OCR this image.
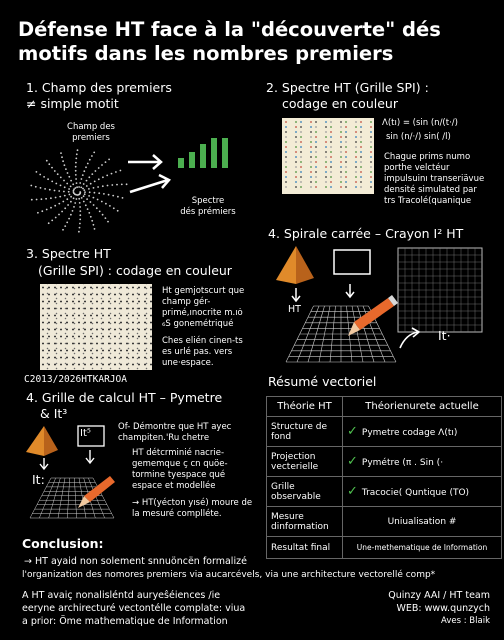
Défense HT face à la "découverte" dés motifs dans les nombres premiers
1. Champ des premiers
≠ simple motit
Champ des
premiers
Spectre
dés prémiers
2. Spectre HT (Grille SPI) :
codage en couleur
Λ(tı) = (sin (n/(t·/)
sin (n/·/) sin( /l)
Chague prims numo porthe velctéur impulsuinı transeriävue densité simulated par trs Tracolé(quanique
3. Spectre HT
(Grille SPI) : codage en couleur
Ht gemjotscurt que champ gér-primé,ınocrite m.ıȯ ₆S gonemétriqué
Ches elién cinen-ts es urlé pas. vers une·espace.
C2013/2026HTKARJOA
4. Spirale carrée – Crayon I² HT
HT
It·
4. Grille de calcul HT – Pymetre
& It³
It⁵
It:
Of- Démontre que HT ayec champiten.'Ru chetre
HT détcrminié nacrie-gememque ç cn quöe-tormine tyespace qué espace et modellée
→ HT(yécton yısé) moure de la mesuré complléte.
Résumé vectoriel
Théorie HT	Théorienurete actuelle
Structure de fond	✓ Pymetre codage Λ(tı)
Projection vecterielle	✓ Pymétre (π . Sin (·
Grille observable	✓ Tracocie( Quntique (TO)
Mesure dinformation	Uniualisation #
Resultat final	Une-methematique de Information
Conclusion:
→ HT ayaid non solement snnuöncën formalizé
l'organization des nomores premiers via aucarcévels, via une architecture vectorellé comp*
A HT avaiç nonalisléntd auryeŝéiences /ie
eeryne archirecturé vectontélle complate: viua
a prior: Öme mathematique de Information
Quinzy AAI / HT team
WEB: www.qunzych
Aves : Blaik
